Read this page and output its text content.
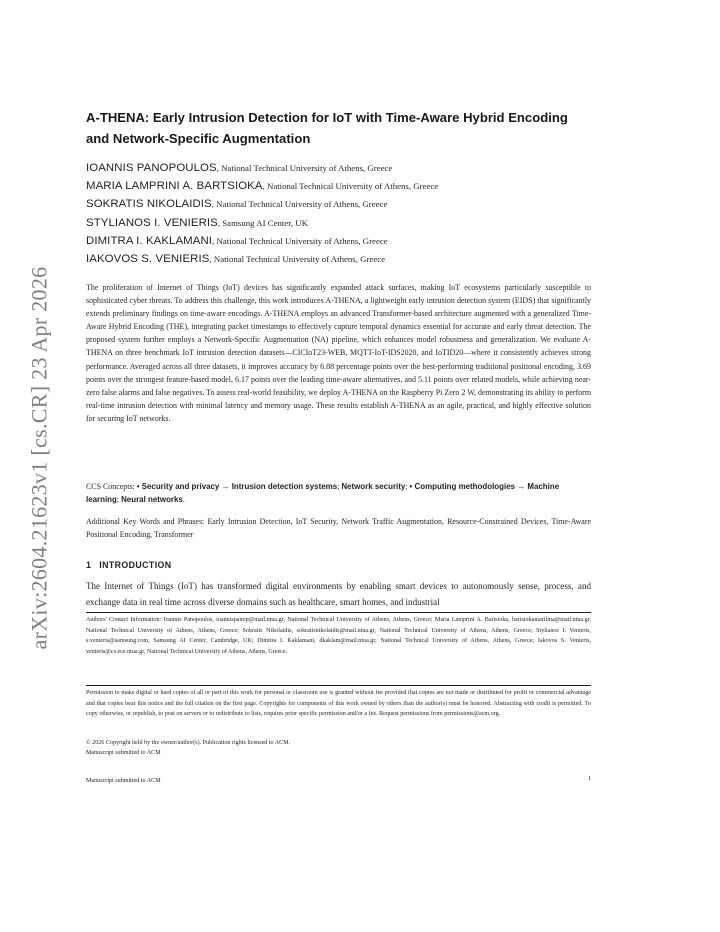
arXiv:2604.21623v1 [cs.CR] 23 Apr 2026
A-THENA: Early Intrusion Detection for IoT with Time-Aware Hybrid Encoding and Network-Specific Augmentation
IOANNIS PANOPOULOS, National Technical University of Athens, Greece
MARIA LAMPRINI A. BARTSIOKA, National Technical University of Athens, Greece
SOKRATIS NIKOLAIDIS, National Technical University of Athens, Greece
STYLIANOS I. VENIERIS, Samsung AI Center, UK
DIMITRA I. KAKLAMANI, National Technical University of Athens, Greece
IAKOVOS S. VENIERIS, National Technical University of Athens, Greece

The proliferation of Internet of Things (IoT) devices has significantly expanded attack surfaces, making IoT ecosystems particularly susceptible to sophisticated cyber threats. To address this challenge, this work introduces A-THENA, a lightweight early intrusion detection system (EIDS) that significantly extends preliminary findings on time-aware encodings. A-THENA employs an advanced Transformer-based architecture augmented with a generalized Time-Aware Hybrid Encoding (THE), integrating packet timestamps to effectively capture temporal dynamics essential for accurate and early threat detection. The proposed system further employs a Network-Specific Augmentation (NA) pipeline, which enhances model robustness and generalization. We evaluate A-THENA on three benchmark IoT intrusion detection datasets—CICIoT23-WEB, MQTT-IoT-IDS2020, and IoTID20—where it consistently achieves strong performance. Averaged across all three datasets, it improves accuracy by 6.88 percentage points over the best-performing traditional positional encoding, 3.69 points over the strongest feature-based model, 6.17 points over the leading time-aware alternatives, and 5.11 points over related models, while achieving near-zero false alarms and false negatives. To assess real-world feasibility, we deploy A-THENA on the Raspberry Pi Zero 2 W, demonstrating its ability to perform real-time intrusion detection with minimal latency and memory usage. These results establish A-THENA as an agile, practical, and highly effective solution for securing IoT networks.

CCS Concepts: • Security and privacy → Intrusion detection systems; Network security; • Computing methodologies → Machine learning; Neural networks.

Additional Key Words and Phrases: Early Intrusion Detection, IoT Security, Network Traffic Augmentation, Resource-Constrained Devices, Time-Aware Positional Encoding, Transformer

1 INTRODUCTION

The Internet of Things (IoT) has transformed digital environments by enabling smart devices to autonomously sense, process, and exchange data in real time across diverse domains such as healthcare, smart homes, and industrial

Authors' Contact Information: Ioannis Panopoulos, ioannispanop@mail.ntua.gr, National Technical University of Athens, Athens, Greece; Maria Lamprini A. Bartsioka, bartsiokamarilina@mail.ntua.gr, National Technical University of Athens, Athens, Greece; Sokratis Nikolaidis, sokratisnikolaidis@mail.ntua.gr, National Technical University of Athens, Athens, Greece; Stylianos I. Venieris, s.venieris@samsung.com, Samsung AI Center, Cambridge, UK; Dimitra I. Kaklamani, dkaklam@mail.ntua.gr, National Technical University of Athens, Athens, Greece; Iakovos S. Venieris, venieris@cs.ece.ntua.gr, National Technical University of Athens, Athens, Greece.

Permission to make digital or hard copies of all or part of this work for personal or classroom use is granted without fee provided that copies are not made or distributed for profit or commercial advantage and that copies bear this notice and the full citation on the first page. Copyrights for components of this work owned by others than the author(s) must be honored. Abstracting with credit is permitted. To copy otherwise, or republish, to post on servers or to redistribute to lists, requires prior specific permission and/or a fee. Request permissions from permissions@acm.org.

© 2026 Copyright held by the owner/author(s). Publication rights licensed to ACM.

Manuscript submitted to ACM

Manuscript submitted to ACM	1
